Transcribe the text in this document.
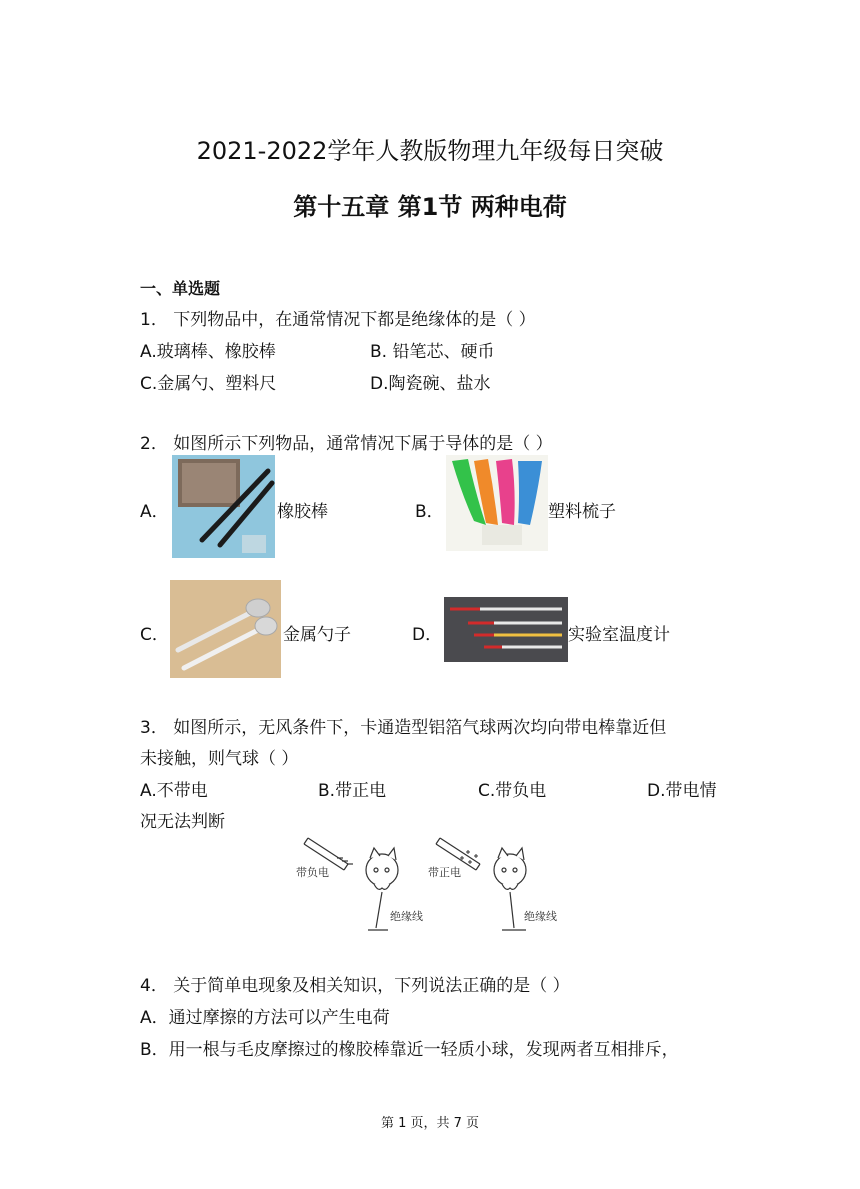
2021-2022学年人教版物理九年级每日突破
第十五章 第1节 两种电荷
一、单选题
1． 下列物品中，在通常情况下都是绝缘体的是（ ）
A.玻璃棒、橡胶棒	B. 铅笔芯、硬币
C.金属勺、塑料尺	D.陶瓷碗、盐水
2． 如图所示下列物品，通常情况下属于导体的是（ ）
A．	橡胶棒	B．	塑料梳子
C．	金属勺子	D．	实验室温度计
3． 如图所示，无风条件下，卡通造型铝箔气球两次均向带电棒靠近但
未接触，则气球（ ）
A.不带电	B.带正电	C.带负电	D.带电情
况无法判断
带负电
绝缘线
带正电
绝缘线
4． 关于简单电现象及相关知识，下列说法正确的是（ ）
A．通过摩擦的方法可以产生电荷
B．用一根与毛皮摩擦过的橡胶棒靠近一轻质小球，发现两者互相排斥，
第 1 页，共 7 页
